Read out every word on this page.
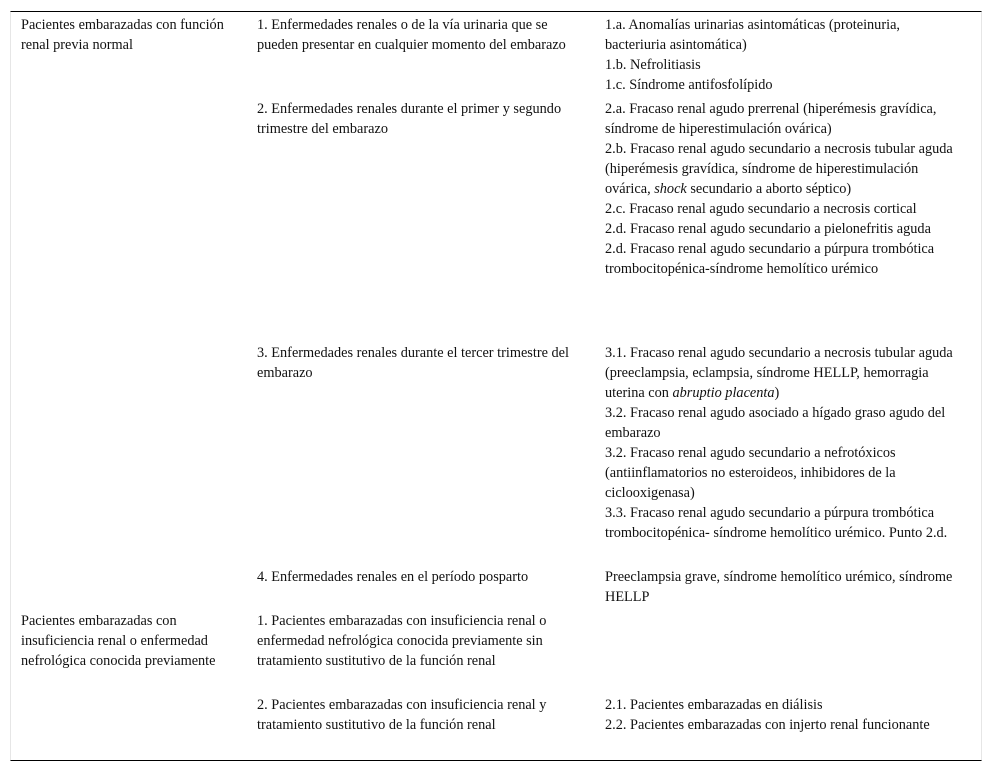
Pacientes embarazadas con función renal previa normal
1. Enfermedades renales o de la vía urinaria que se pueden presentar en cualquier momento del embarazo
1.a. Anomalías urinarias asintomáticas (proteinuria, bacteriuria asintomática)
1.b. Nefrolitiasis
1.c. Síndrome antifosfolípido
2. Enfermedades renales durante el primer y segundo trimestre del embarazo
2.a. Fracaso renal agudo prerrenal (hiperémesis gravídica, síndrome de hiperestimulación ovárica)
2.b. Fracaso renal agudo secundario a necrosis tubular aguda (hiperémesis gravídica, síndrome de hiperestimulación ovárica, shock secundario a aborto séptico)
2.c. Fracaso renal agudo secundario a necrosis cortical
2.d. Fracaso renal agudo secundario a pielonefritis aguda
2.d. Fracaso renal agudo secundario a púrpura trombótica trombocitopénica-síndrome hemolítico urémico
3. Enfermedades renales durante el tercer trimestre del embarazo
3.1. Fracaso renal agudo secundario a necrosis tubular aguda (preeclampsia, eclampsia, síndrome HELLP, hemorragia uterina con abruptio placenta)
3.2. Fracaso renal agudo asociado a hígado graso agudo del embarazo
3.2. Fracaso renal agudo secundario a nefrotóxicos (antiinflamatorios no esteroideos, inhibidores de la ciclooxigenasa)
3.3. Fracaso renal agudo secundario a púrpura trombótica trombocitopénica- síndrome hemolítico urémico. Punto 2.d.
4. Enfermedades renales en el período posparto	Preeclampsia grave, síndrome hemolítico urémico, síndrome HELLP
Pacientes embarazadas con insuficiencia renal o enfermedad nefrológica conocida previamente
1. Pacientes embarazadas con insuficiencia renal o enfermedad nefrológica conocida previamente sin tratamiento sustitutivo de la función renal
2. Pacientes embarazadas con insuficiencia renal y tratamiento sustitutivo de la función renal
2.1. Pacientes embarazadas en diálisis
2.2. Pacientes embarazadas con injerto renal funcionante
